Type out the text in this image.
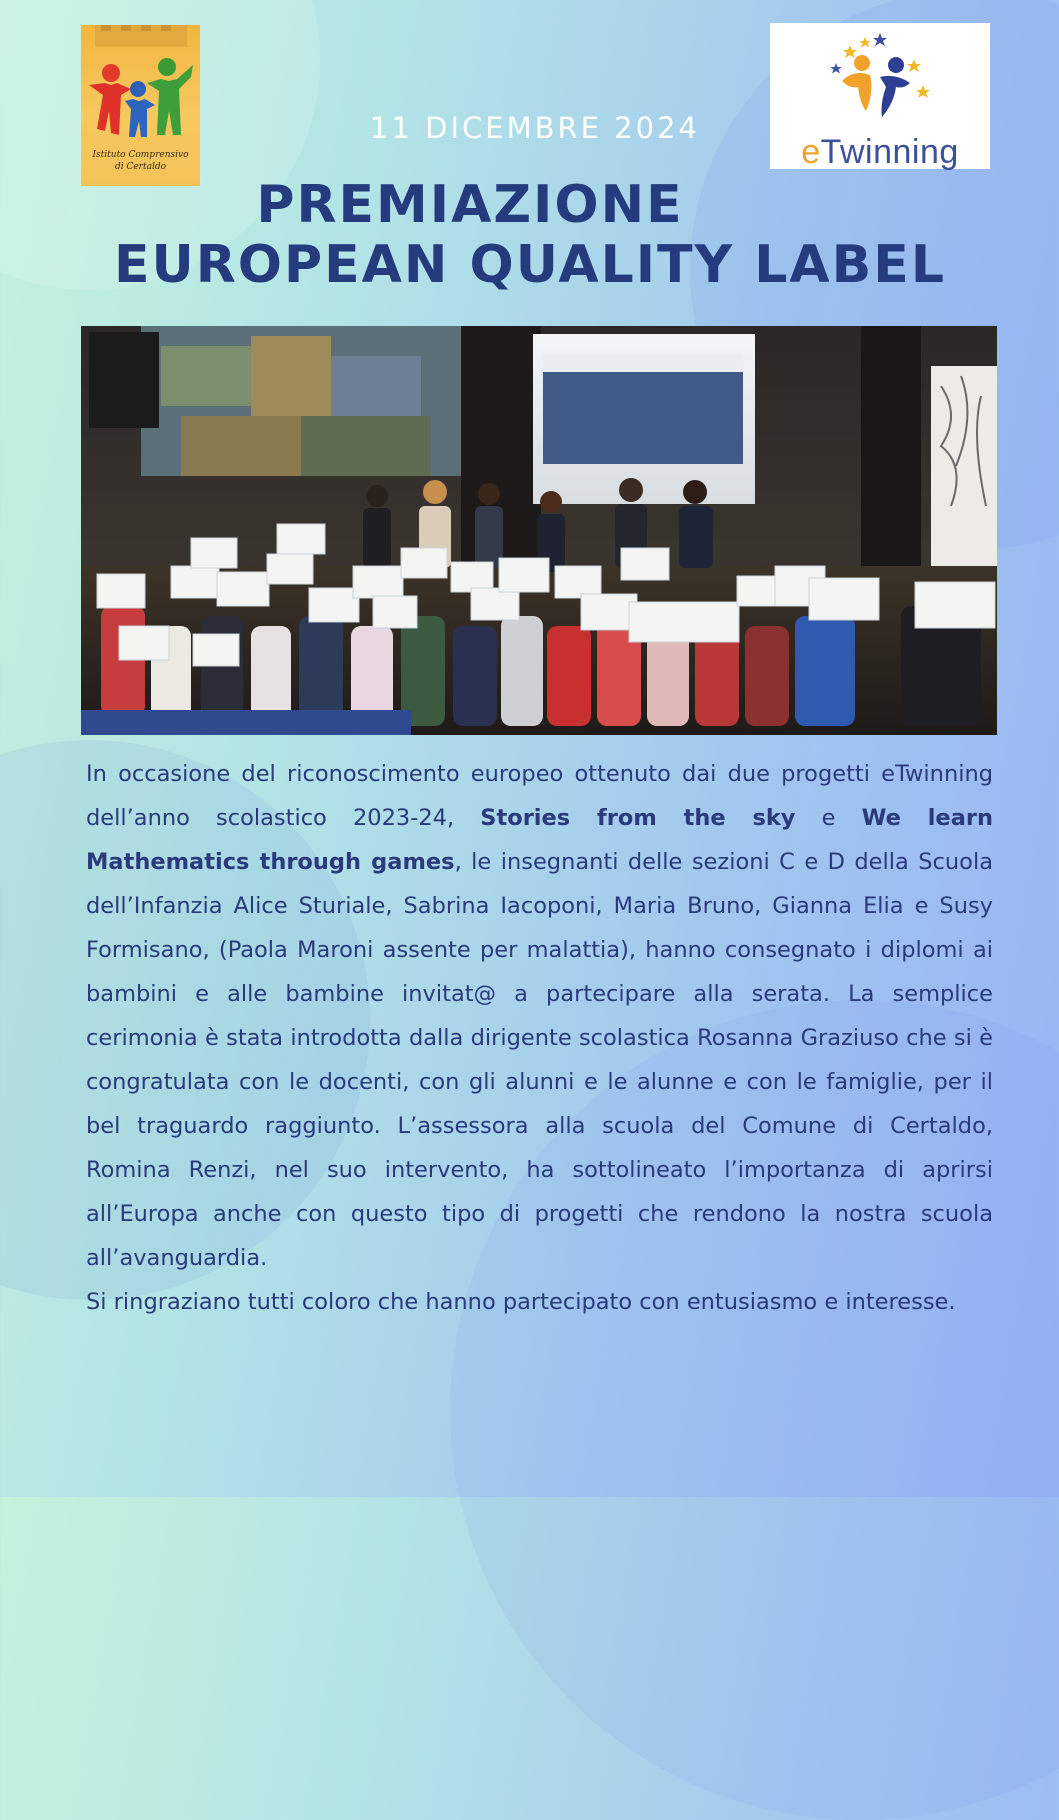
Istituto Comprensivo
di Certaldo	eTwinning
11 DICEMBRE 2024
PREMIAZIONE
EUROPEAN QUALITY LABEL

In occasione del riconoscimento europeo ottenuto dai due progetti eTwinning dell’anno scolastico 2023-24, Stories from the sky e We learn Mathematics through games, le insegnanti delle sezioni C e D della Scuola dell’Infanzia Alice Sturiale, Sabrina Iacoponi, Maria Bruno, Gianna Elia e Susy Formisano, (Paola Maroni assente per malattia), hanno consegnato i diplomi ai bambini e alle bambine invitat@ a partecipare alla serata. La semplice cerimonia è stata introdotta dalla dirigente scolastica Rosanna Graziuso che si è congratulata con le docenti, con gli alunni e le alunne e con le famiglie, per il bel traguardo raggiunto. L’assessora alla scuola del Comune di Certaldo, Romina Renzi, nel suo intervento, ha sottolineato l’importanza di aprirsi all’Europa anche con questo tipo di progetti che rendono la nostra scuola all’avanguardia.

Si ringraziano tutti coloro che hanno partecipato con entusiasmo e interesse.
